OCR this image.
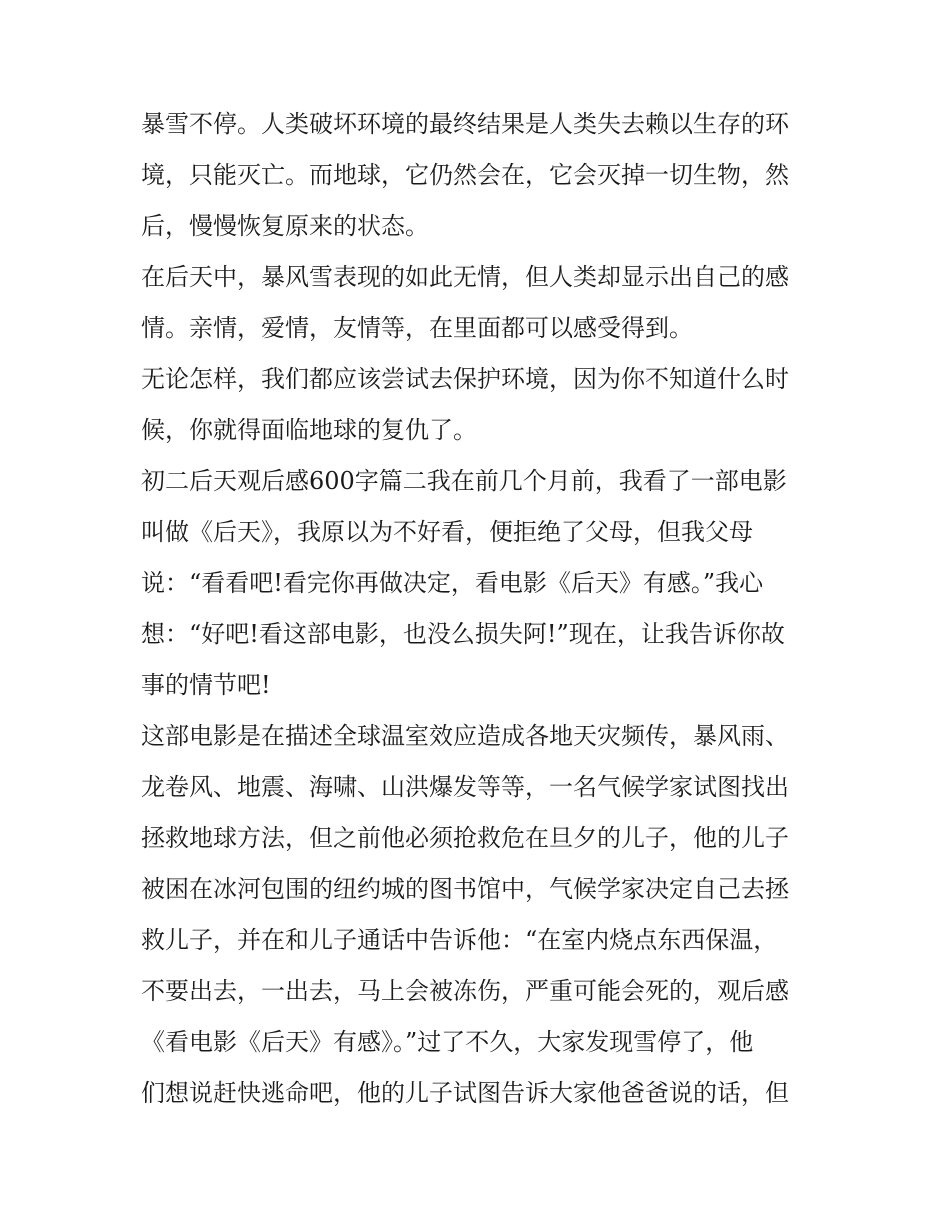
暴雪不停。人类破坏环境的最终结果是人类失去赖以生存的环
境，只能灭亡。而地球，它仍然会在，它会灭掉一切生物，然
后，慢慢恢复原来的状态。
在后天中，暴风雪表现的如此无情，但人类却显示出自己的感
情。亲情，爱情，友情等，在里面都可以感受得到。
无论怎样，我们都应该尝试去保护环境，因为你不知道什么时
候，你就得面临地球的复仇了。
初二后天观后感600字篇二我在前几个月前，我看了一部电影
叫做《后天》，我原以为不好看，便拒绝了父母，但我父母
说：“看看吧!看完你再做决定，看电影《后天》有感。”我心
想：“好吧!看这部电影，也没么损失阿!”现在，让我告诉你故
事的情节吧!
这部电影是在描述全球温室效应造成各地天灾频传，暴风雨、
龙卷风、地震、海啸、山洪爆发等等，一名气候学家试图找出
拯救地球方法，但之前他必须抢救危在旦夕的儿子，他的儿子
被困在冰河包围的纽约城的图书馆中，气候学家决定自己去拯
救儿子，并在和儿子通话中告诉他：“在室内烧点东西保温，
不要出去，一出去，马上会被冻伤，严重可能会死的，观后感
《看电影《后天》有感》。”过了不久，大家发现雪停了，他
们想说赶快逃命吧，他的儿子试图告诉大家他爸爸说的话，但
